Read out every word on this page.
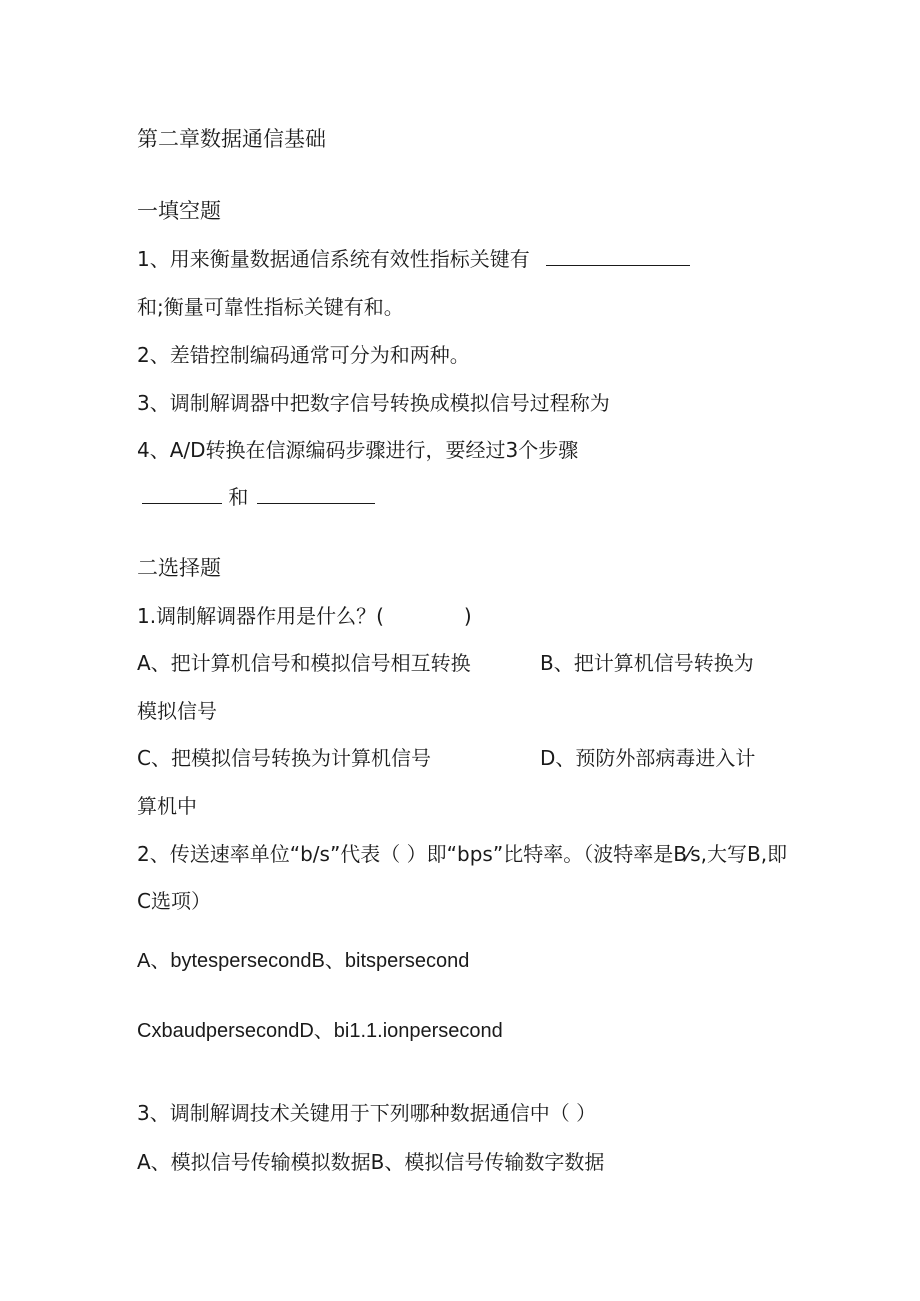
第二章数据通信基础
一填空题
1、用来衡量数据通信系统有效性指标关键有
和;衡量可靠性指标关键有和。
2、差错控制编码通常可分为和两种。
3、调制解调器中把数字信号转换成模拟信号过程称为
4、A/D转换在信源编码步骤进行，要经过3个步骤
和
二选择题
1.调制解调器作用是什么？(　　　　)
A、把计算机信号和模拟信号相互转换	B、把计算机信号转换为
模拟信号
C、把模拟信号转换为计算机信号	D、预防外部病毒进入计
算机中
2、传送速率单位“b/s”代表（ ）即“bps”比特率。（波特率是B⁄s,大写B,即
C选项）
A、bytespersecondB、bitspersecond
CxbaudpersecondD、bi1.1.ionpersecond
3、调制解调技术关键用于下列哪种数据通信中（ ）
A、模拟信号传输模拟数据B、模拟信号传输数字数据
